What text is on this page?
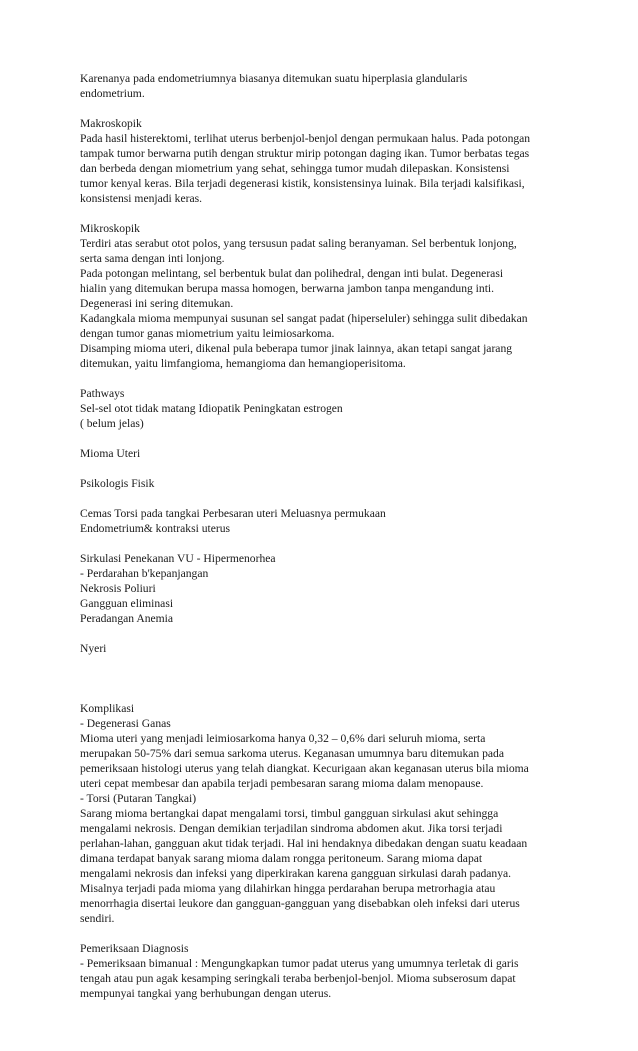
Karenanya pada endometriumnya biasanya ditemukan suatu hiperplasia glandularis
endometrium.
Makroskopik
Pada hasil histerektomi, terlihat uterus berbenjol-benjol dengan permukaan halus. Pada potongan
tampak tumor berwarna putih dengan struktur mirip potongan daging ikan. Tumor berbatas tegas
dan berbeda dengan miometrium yang sehat, sehingga tumor mudah dilepaskan. Konsistensi
tumor kenyal keras. Bila terjadi degenerasi kistik, konsistensinya luinak. Bila terjadi kalsifikasi,
konsistensi menjadi keras.
Mikroskopik
Terdiri atas serabut otot polos, yang tersusun padat saling beranyaman. Sel berbentuk lonjong,
serta sama dengan inti lonjong.
Pada potongan melintang, sel berbentuk bulat dan polihedral, dengan inti bulat. Degenerasi
hialin yang ditemukan berupa massa homogen, berwarna jambon tanpa mengandung inti.
Degenerasi ini sering ditemukan.
Kadangkala mioma mempunyai susunan sel sangat padat (hiperseluler) sehingga sulit dibedakan
dengan tumor ganas miometrium yaitu leimiosarkoma.
Disamping mioma uteri, dikenal pula beberapa tumor jinak lainnya, akan tetapi sangat jarang
ditemukan, yaitu limfangioma, hemangioma dan hemangioperisitoma.
Pathways
Sel-sel otot tidak matang Idiopatik Peningkatan estrogen
( belum jelas)
Mioma Uteri
Psikologis Fisik
Cemas Torsi pada tangkai Perbesaran uteri Meluasnya permukaan
Endometrium& kontraksi uterus
Sirkulasi Penekanan VU - Hipermenorhea
- Perdarahan b'kepanjangan
Nekrosis Poliuri
Gangguan eliminasi
Peradangan Anemia
Nyeri
Komplikasi
- Degenerasi Ganas
Mioma uteri yang menjadi leimiosarkoma hanya 0,32 – 0,6% dari seluruh mioma, serta
merupakan 50-75% dari semua sarkoma uterus. Keganasan umumnya baru ditemukan pada
pemeriksaan histologi uterus yang telah diangkat. Kecurigaan akan keganasan uterus bila mioma
uteri cepat membesar dan apabila terjadi pembesaran sarang mioma dalam menopause.
- Torsi (Putaran Tangkai)
Sarang mioma bertangkai dapat mengalami torsi, timbul gangguan sirkulasi akut sehingga
mengalami nekrosis. Dengan demikian terjadilan sindroma abdomen akut. Jika torsi terjadi
perlahan-lahan, gangguan akut tidak terjadi. Hal ini hendaknya dibedakan dengan suatu keadaan
dimana terdapat banyak sarang mioma dalam rongga peritoneum. Sarang mioma dapat
mengalami nekrosis dan infeksi yang diperkirakan karena gangguan sirkulasi darah padanya.
Misalnya terjadi pada mioma yang dilahirkan hingga perdarahan berupa metrorhagia atau
menorrhagia disertai leukore dan gangguan-gangguan yang disebabkan oleh infeksi dari uterus
sendiri.
Pemeriksaan Diagnosis
- Pemeriksaan bimanual : Mengungkapkan tumor padat uterus yang umumnya terletak di garis
tengah atau pun agak kesamping seringkali teraba berbenjol-benjol. Mioma subserosum dapat
mempunyai tangkai yang berhubungan dengan uterus.
